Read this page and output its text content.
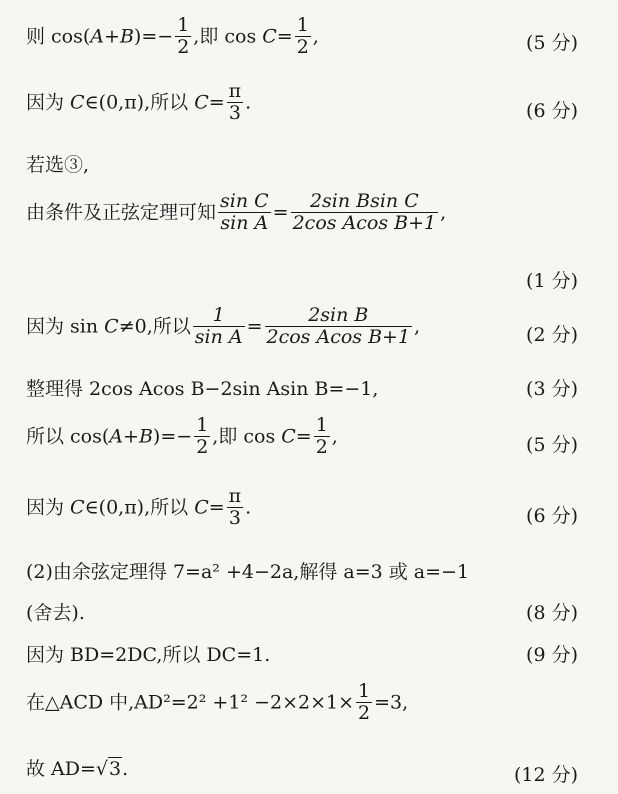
则 $\cos(A+B)=- \frac{1}{2}$ ,即 $\cos C= \frac{1}{2}$ ,	(5 分)
因为 C∈(0,π),所以 $C= \frac{\pi}{3}$ .	(6 分)
若选③,
由条件及正弦定理可知 $\frac{\text{sin C}}{\text{sin A}} = \frac{\text{2sin Bsin C}}{\text{2cos Acos B+1}}$ ,
(1 分)
因为 sin C≠0,所以 $\frac{1}{\text{sin A}} = \frac{\text{2sin B}}{\text{2cos Acos B+1}}$ ,	(2 分)
整理得 2cos Acos B−2sin Asin B=−1,	(3 分)
所以 $\cos(A+B)=- \frac{1}{2}$ ,即 $\cos C= \frac{1}{2}$ ,	(5 分)
因为 C∈(0,π),所以 $C= \frac{\pi}{3}$ .	(6 分)
(2)由余弦定理得 7=a² +4−2a,解得 a=3 或 a=−1
(舍去).	(8 分)
因为 BD=2DC,所以 DC=1.	(9 分)
在△ACD 中$,AD^2=2^2 +1^2 -2\times 2\times 1\times \frac{1}{2} =3$,
故 AD=√3.	(12 分)
